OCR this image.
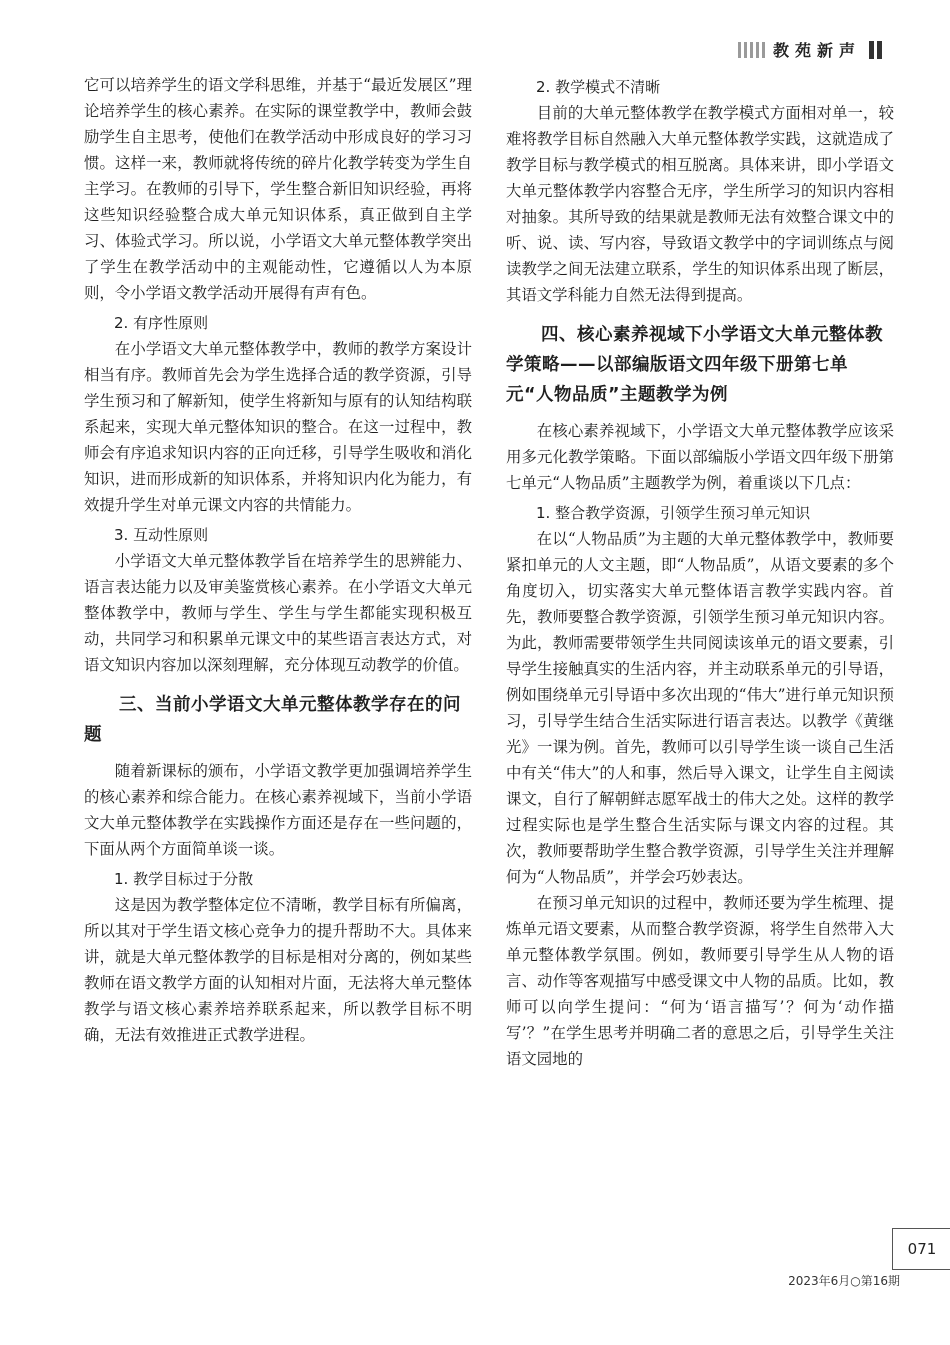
教苑新声

它可以培养学生的语文学科思维，并基于“最近发展区”理论培养学生的核心素养。在实际的课堂教学中，教师会鼓励学生自主思考，使他们在教学活动中形成良好的学习习惯。这样一来，教师就将传统的碎片化教学转变为学生自主学习。在教师的引导下，学生整合新旧知识经验，再将这些知识经验整合成大单元知识体系，真正做到自主学习、体验式学习。所以说，小学语文大单元整体教学突出了学生在教学活动中的主观能动性，它遵循以人为本原则，令小学语文教学活动开展得有声有色。

2. 有序性原则

在小学语文大单元整体教学中，教师的教学方案设计相当有序。教师首先会为学生选择合适的教学资源，引导学生预习和了解新知，使学生将新知与原有的认知结构联系起来，实现大单元整体知识的整合。在这一过程中，教师会有序追求知识内容的正向迁移，引导学生吸收和消化知识，进而形成新的知识体系，并将知识内化为能力，有效提升学生对单元课文内容的共情能力。

3. 互动性原则

小学语文大单元整体教学旨在培养学生的思辨能力、语言表达能力以及审美鉴赏核心素养。在小学语文大单元整体教学中，教师与学生、学生与学生都能实现积极互动，共同学习和积累单元课文中的某些语言表达方式，对语文知识内容加以深刻理解，充分体现互动教学的价值。

三、当前小学语文大单元整体教学存在的问题

随着新课标的颁布，小学语文教学更加强调培养学生的核心素养和综合能力。在核心素养视域下，当前小学语文大单元整体教学在实践操作方面还是存在一些问题的，下面从两个方面简单谈一谈。

1. 教学目标过于分散

这是因为教学整体定位不清晰，教学目标有所偏离，所以其对于学生语文核心竞争力的提升帮助不大。具体来讲，就是大单元整体教学的目标是相对分离的，例如某些教师在语文教学方面的认知相对片面，无法将大单元整体教学与语文核心素养培养联系起来，所以教学目标不明确，无法有效推进正式教学进程。

2. 教学模式不清晰

目前的大单元整体教学在教学模式方面相对单一，较难将教学目标自然融入大单元整体教学实践，这就造成了教学目标与教学模式的相互脱离。具体来讲，即小学语文大单元整体教学内容整合无序，学生所学习的知识内容相对抽象。其所导致的结果就是教师无法有效整合课文中的听、说、读、写内容，导致语文教学中的字词训练点与阅读教学之间无法建立联系，学生的知识体系出现了断层，其语文学科能力自然无法得到提高。

四、核心素养视域下小学语文大单元整体教学策略——以部编版语文四年级下册第七单元“人物品质”主题教学为例

在核心素养视域下，小学语文大单元整体教学应该采用多元化教学策略。下面以部编版小学语文四年级下册第七单元“人物品质”主题教学为例，着重谈以下几点：

1. 整合教学资源，引领学生预习单元知识

在以“人物品质”为主题的大单元整体教学中，教师要紧扣单元的人文主题，即“人物品质”，从语文要素的多个角度切入，切实落实大单元整体语言教学实践内容。首先，教师要整合教学资源，引领学生预习单元知识内容。为此，教师需要带领学生共同阅读该单元的语文要素，引导学生接触真实的生活内容，并主动联系单元的引导语，例如围绕单元引导语中多次出现的“伟大”进行单元知识预习，引导学生结合生活实际进行语言表达。以教学《黄继光》一课为例。首先，教师可以引导学生谈一谈自己生活中有关“伟大”的人和事，然后导入课文，让学生自主阅读课文，自行了解朝鲜志愿军战士的伟大之处。这样的教学过程实际也是学生整合生活实际与课文内容的过程。其次，教师要帮助学生整合教学资源，引导学生关注并理解何为“人物品质”，并学会巧妙表达。

在预习单元知识的过程中，教师还要为学生梳理、提炼单元语文要素，从而整合教学资源，将学生自然带入大单元整体教学氛围。例如，教师要引导学生从人物的语言、动作等客观描写中感受课文中人物的品质。比如，教师可以向学生提问：“何为‘语言描写’？何为‘动作描写’？”在学生思考并明确二者的意思之后，引导学生关注语文园地的

071
2023年6月○第16期
